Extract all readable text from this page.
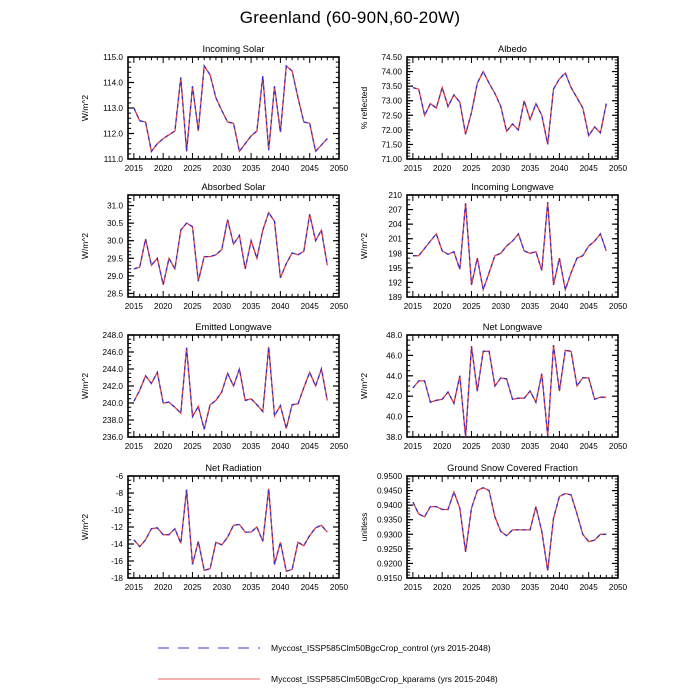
Greenland (60-90N,60-20W)
2015 2020 2025 2030 2035 2040 2045 2050
111.0
112.0
113.0
114.0
115.0
Incoming Solar
W/m^2
2015 2020 2025 2030 2035 2040 2045 2050
71.00
71.50
72.00
72.50
73.00
73.50
74.00
74.50
Albedo
% reflected
2015 2020 2025 2030 2035 2040 2045 2050
28.5
29.0
29.5
30.0
30.5
31.0
Absorbed Solar
W/m^2
2015 2020 2025 2030 2035 2040 2045 2050
189
192
195
198
201
204
207
210
Incoming Longwave
W/m^2
2015 2020 2025 2030 2035 2040 2045 2050
236.0
238.0
240.0
242.0
244.0
246.0
248.0
Emitted Longwave
W/m^2
2015 2020 2025 2030 2035 2040 2045 2050
38.0
40.0
42.0
44.0
46.0
48.0
Net Longwave
W/m^2
2015 2020 2025 2030 2035 2040 2045 2050
-18
-16
-14
-12
-10
-8
-6
Net Radiation
W/m^2
2015 2020 2025 2030 2035 2040 2045 2050
0.9150
0.9200
0.9250
0.9300
0.9350
0.9400
0.9450
0.9500
Ground Snow Covered Fraction
unitless
Myccost_ISSP585Clm50BgcCrop_control (yrs 2015-2048)
Myccost_ISSP585Clm50BgcCrop_kparams (yrs 2015-2048)
